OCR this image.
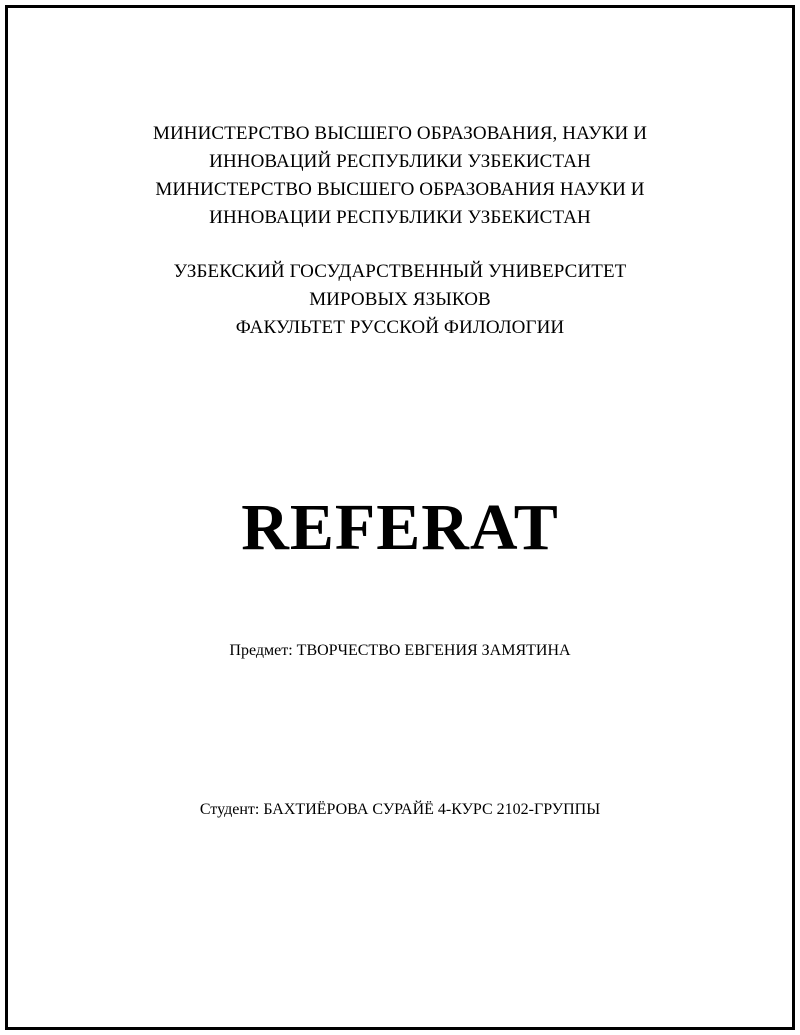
МИНИСТЕРСТВО ВЫСШЕГО ОБРАЗОВАНИЯ, НАУКИ И
ИННОВАЦИЙ РЕСПУБЛИКИ УЗБЕКИСТАН
МИНИСТЕРСТВО ВЫСШЕГО ОБРАЗОВАНИЯ НАУКИ И
ИННОВАЦИИ РЕСПУБЛИКИ УЗБЕКИСТАН
УЗБЕКСКИЙ ГОСУДАРСТВЕННЫЙ УНИВЕРСИТЕТ
МИРОВЫХ ЯЗЫКОВ
ФАКУЛЬТЕТ РУССКОЙ ФИЛОЛОГИИ
REFERAT
Предмет: ТВОРЧЕСТВО ЕВГЕНИЯ ЗАМЯТИНА
Студент: БАХТИЁРОВА СУРАЙЁ 4-КУРС 2102-ГРУППЫ
